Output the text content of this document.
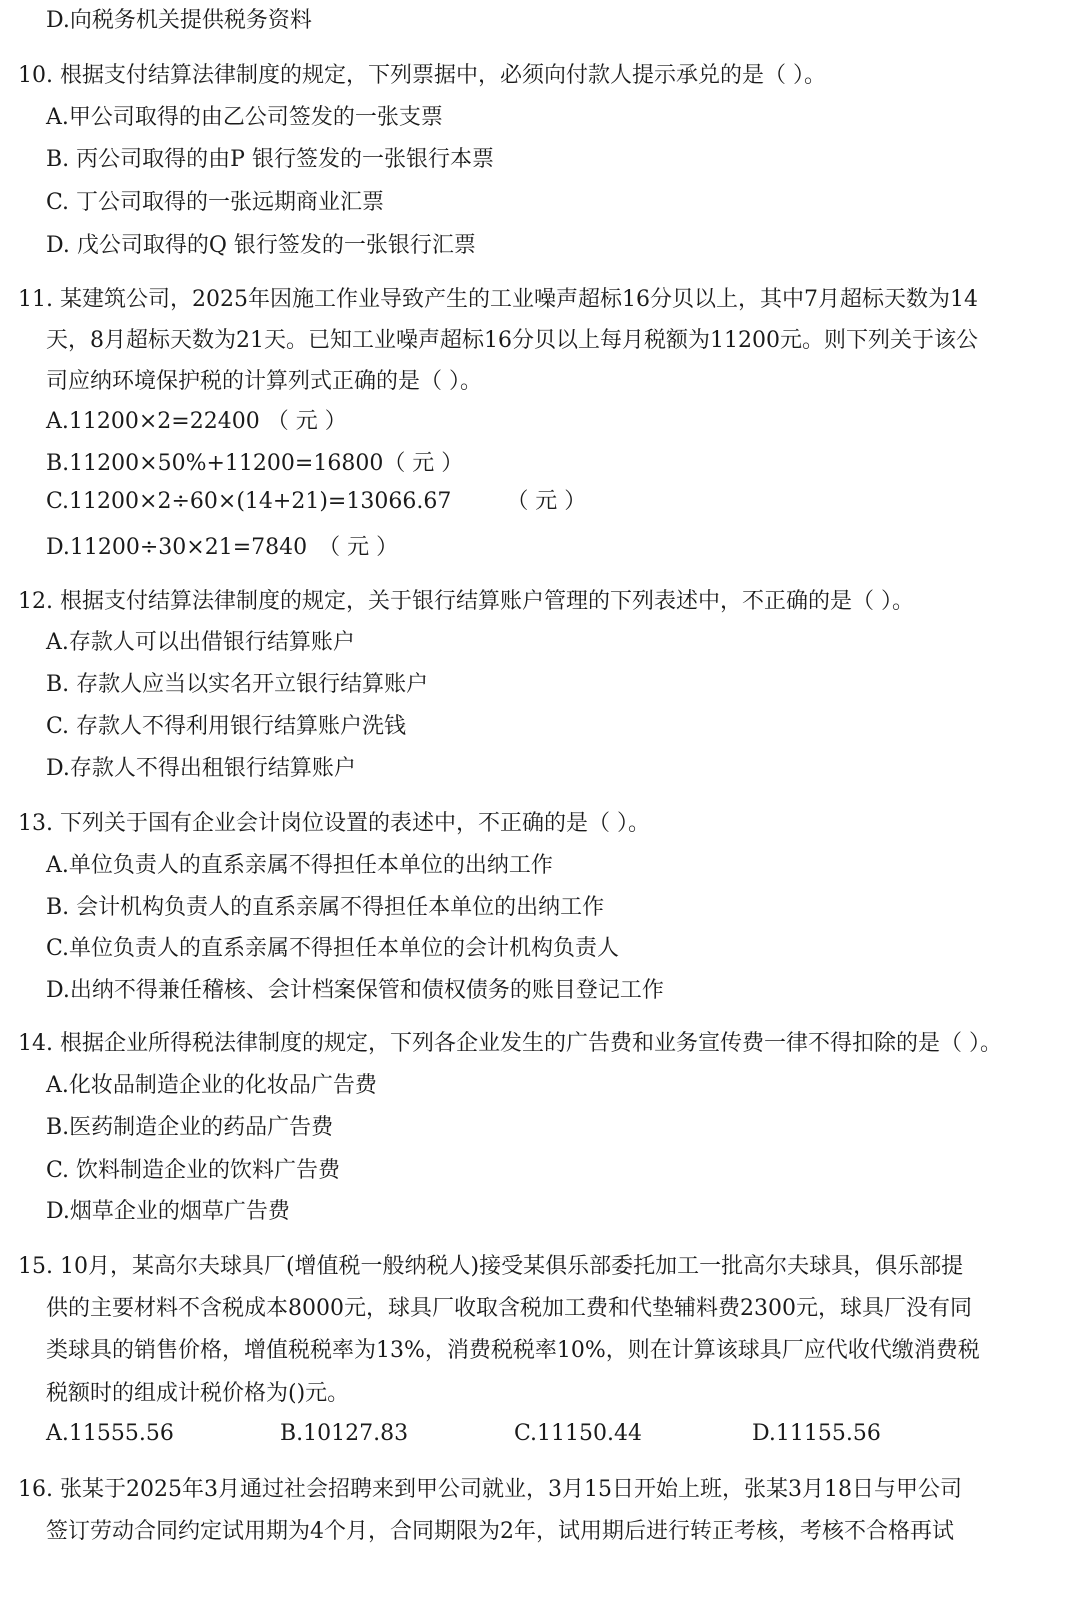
D.向税务机关提供税务资料
10. 根据支付结算法律制度的规定，下列票据中，必须向付款人提示承兑的是（ ）。
A.甲公司取得的由乙公司签发的一张支票
B. 丙公司取得的由P 银行签发的一张银行本票
C. 丁公司取得的一张远期商业汇票
D. 戊公司取得的Q 银行签发的一张银行汇票
11. 某建筑公司，2025年因施工作业导致产生的工业噪声超标16分贝以上，其中7月超标天数为14
天，8月超标天数为21天。已知工业噪声超标16分贝以上每月税额为11200元。则下列关于该公
司应纳环境保护税的计算列式正确的是（ ）。
A.11200×2=22400 （ 元 ）
B.11200×50%+11200=16800（ 元 ）
C.11200×2÷60×(14+21)=13066.67　　　（ 元 ）
D.11200÷30×21=7840　（ 元 ）
12. 根据支付结算法律制度的规定，关于银行结算账户管理的下列表述中，不正确的是（ ）。
A.存款人可以出借银行结算账户
B. 存款人应当以实名开立银行结算账户
C. 存款人不得利用银行结算账户洗钱
D.存款人不得出租银行结算账户
13. 下列关于国有企业会计岗位设置的表述中，不正确的是（ ）。
A.单位负责人的直系亲属不得担任本单位的出纳工作
B. 会计机构负责人的直系亲属不得担任本单位的出纳工作
C.单位负责人的直系亲属不得担任本单位的会计机构负责人
D.出纳不得兼任稽核、会计档案保管和债权债务的账目登记工作
14. 根据企业所得税法律制度的规定，下列各企业发生的广告费和业务宣传费一律不得扣除的是（ ）。
A.化妆品制造企业的化妆品广告费
B.医药制造企业的药品广告费
C. 饮料制造企业的饮料广告费
D.烟草企业的烟草广告费
15. 10月，某高尔夫球具厂(增值税一般纳税人)接受某俱乐部委托加工一批高尔夫球具，俱乐部提
供的主要材料不含税成本8000元，球具厂收取含税加工费和代垫辅料费2300元，球具厂没有同
类球具的销售价格，增值税税率为13%，消费税税率10%，则在计算该球具厂应代收代缴消费税
税额时的组成计税价格为()元。
A.11555.56	B.10127.83	C.11150.44	D.11155.56
16. 张某于2025年3月通过社会招聘来到甲公司就业，3月15日开始上班，张某3月18日与甲公司
签订劳动合同约定试用期为4个月，合同期限为2年，试用期后进行转正考核，考核不合格再试
